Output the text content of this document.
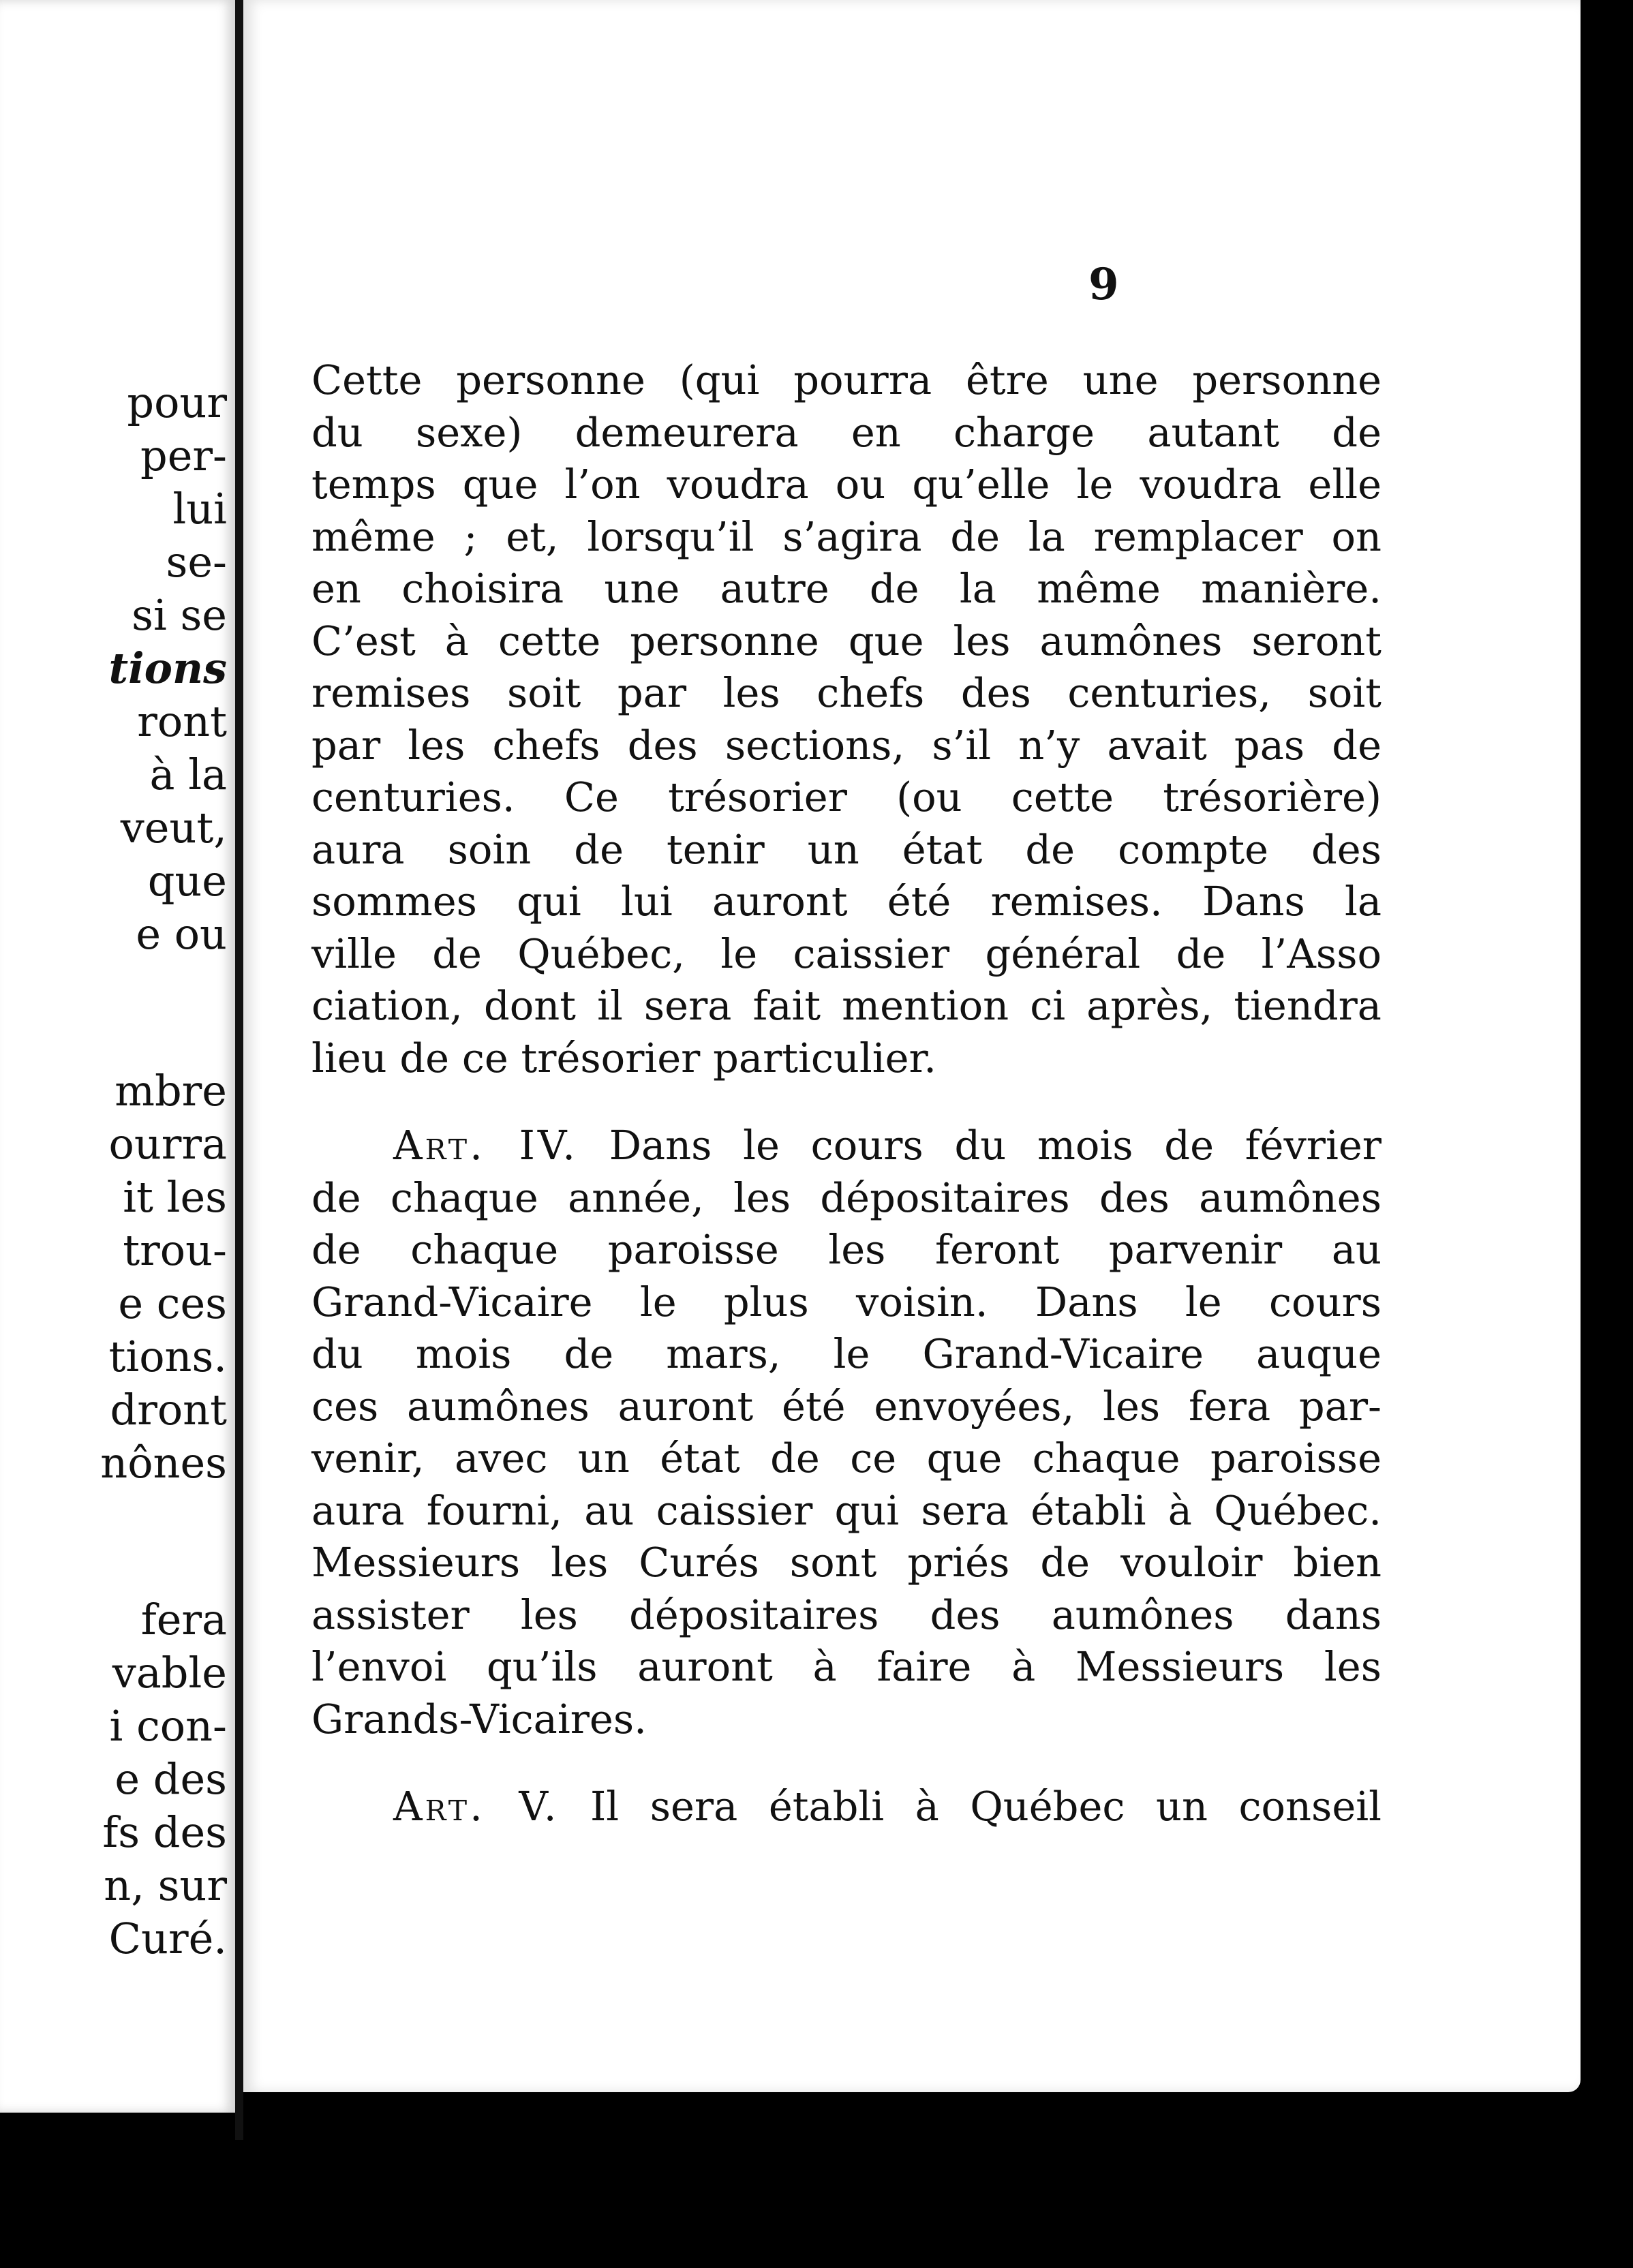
pour
per-
lui
se-
si se
tions
ront
à la
veut,
que
e ou
mbre
ourra
it les
trou-
e ces
tions.
dront
nônes
fera
vable
i con-
e des
fs des
n, sur
Curé.
9
Cette personne (qui pourra être une personne
du sexe) demeurera en charge autant de
temps que l’on voudra ou qu’elle le voudra elle
même ; et, lorsqu’il s’agira de la remplacer on
en choisira une autre de la même manière.
C’est à cette personne que les aumônes seront
remises soit par les chefs des centuries, soit
par les chefs des sections, s’il n’y avait pas de
centuries. Ce trésorier (ou cette trésorière)
aura soin de tenir un état de compte des
sommes qui lui auront été remises. Dans la
ville de Québec, le caissier général de l’Asso
ciation, dont il sera fait mention ci après, tiendra
lieu de ce trésorier particulier.
Art. IV. Dans le cours du mois de février
de chaque année, les dépositaires des aumônes
de chaque paroisse les feront parvenir au
Grand-Vicaire le plus voisin. Dans le cours
du mois de mars, le Grand-Vicaire auque
ces aumônes auront été envoyées, les fera par-
venir, avec un état de ce que chaque paroisse
aura fourni, au caissier qui sera établi à Québec.
Messieurs les Curés sont priés de vouloir bien
assister les dépositaires des aumônes dans
l’envoi qu’ils auront à faire à Messieurs les
Grands-Vicaires.
Art. V. Il sera établi à Québec un conseil
